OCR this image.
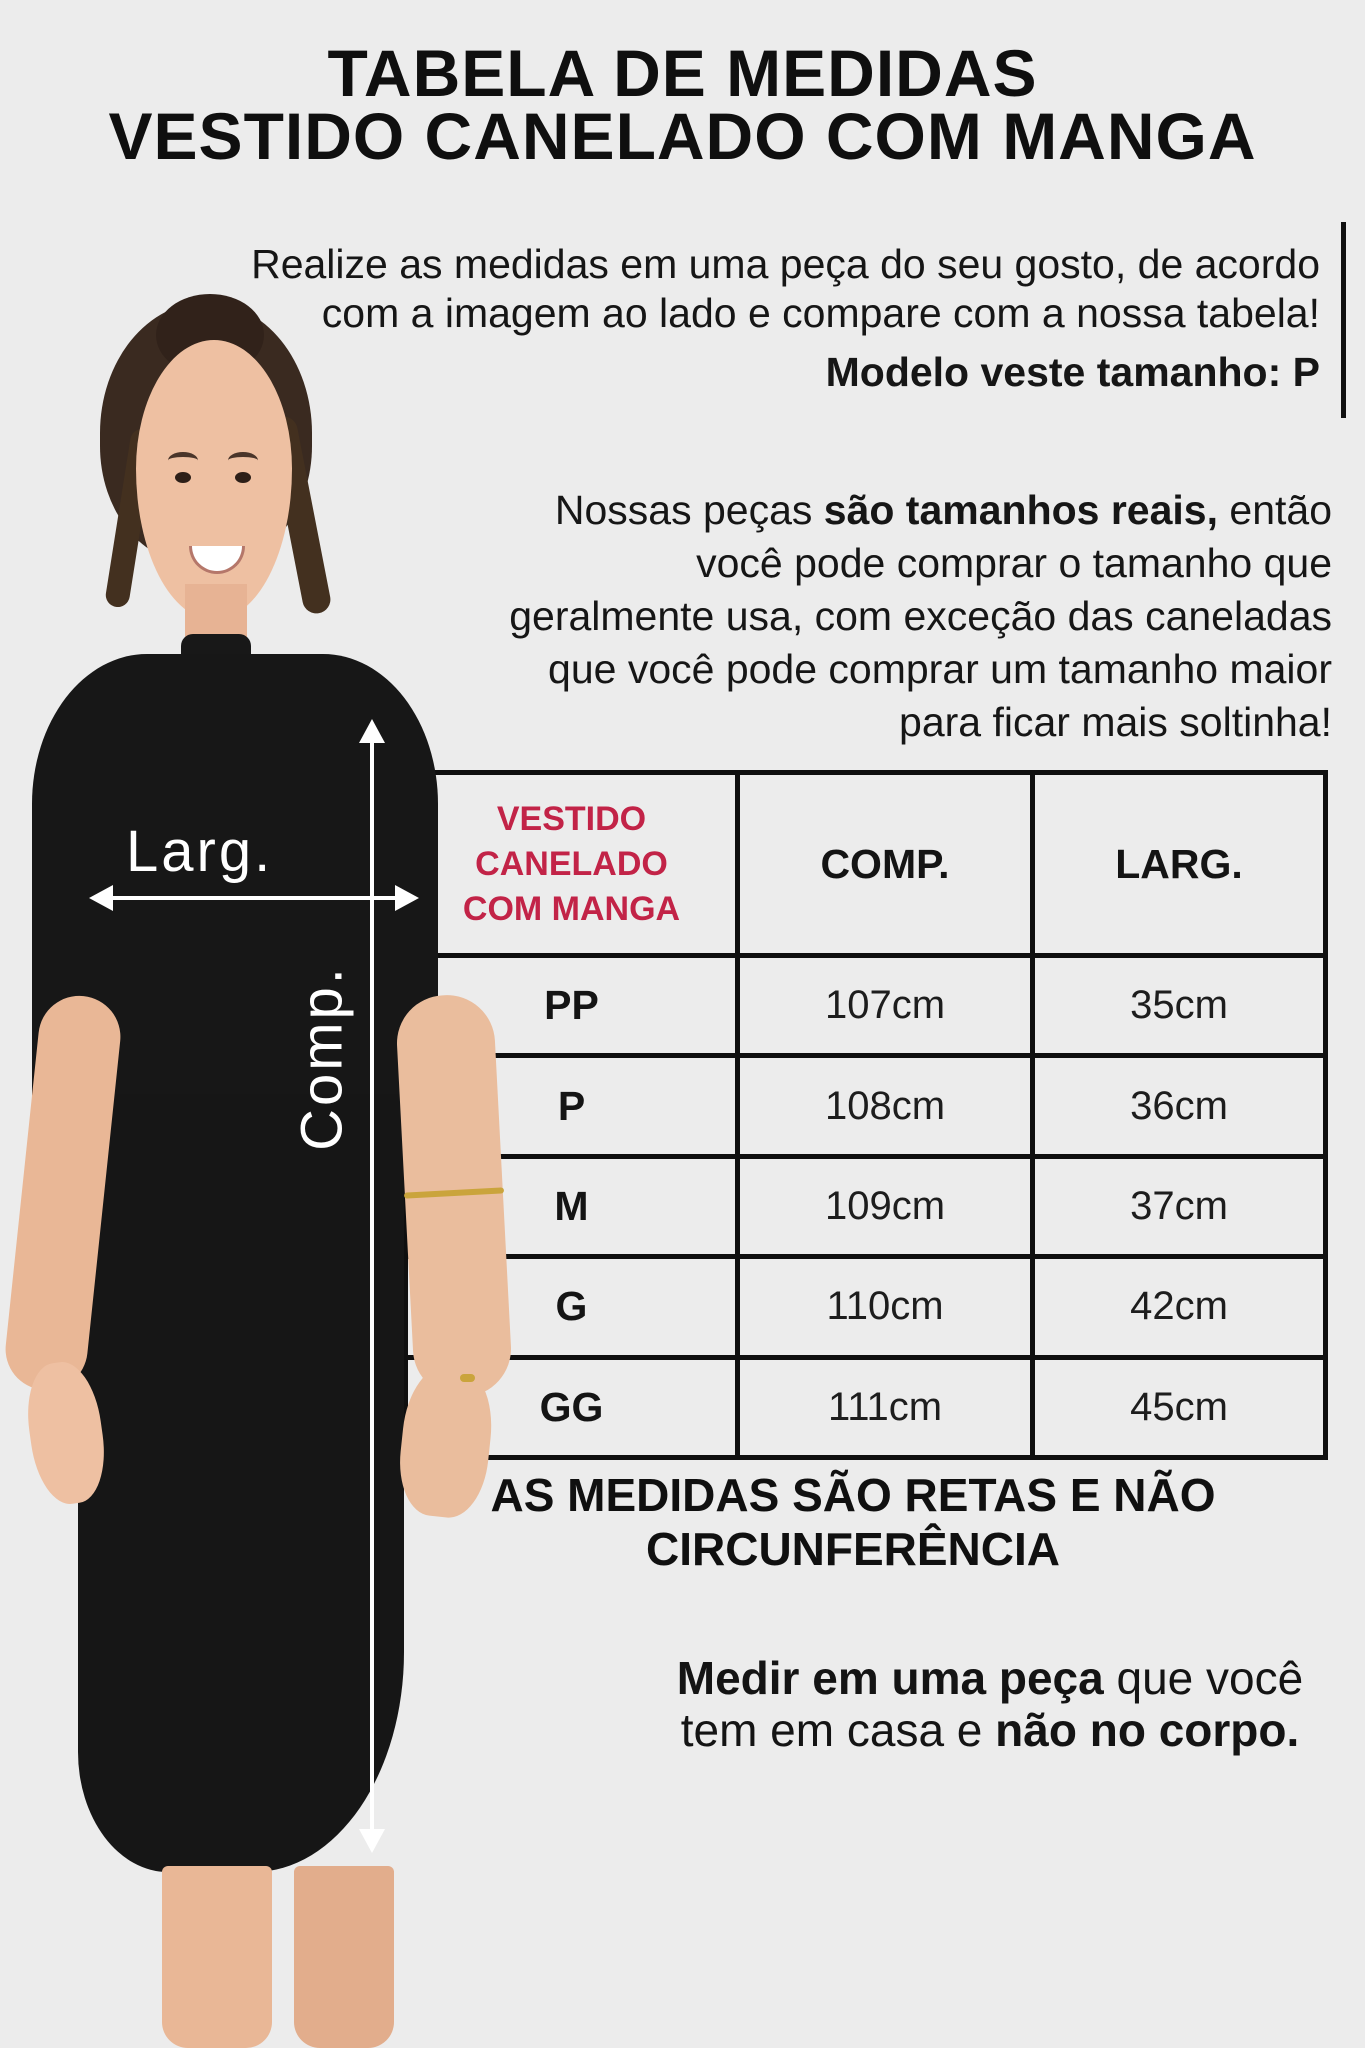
TABELA DE MEDIDAS
VESTIDO CANELADO COM MANGA
Realize as medidas em uma peça do seu gosto, de acordo
com a imagem ao lado e compare com a nossa tabela!
Modelo veste tamanho: P
Nossas peças são tamanhos reais, então
você pode comprar o tamanho que
geralmente usa, com exceção das caneladas
que você pode comprar um tamanho maior
para ficar mais soltinha!
VESTIDO
CANELADO
COM MANGA
COMP.	LARG.
PP	107cm	35cm
P	108cm	36cm
M	109cm	37cm
G	110cm	42cm
GG	111cm	45cm
AS MEDIDAS SÃO RETAS E NÃO CIRCUNFERÊNCIA
Medir em uma peça que você
tem em casa e não no corpo.
Larg.
Comp.
